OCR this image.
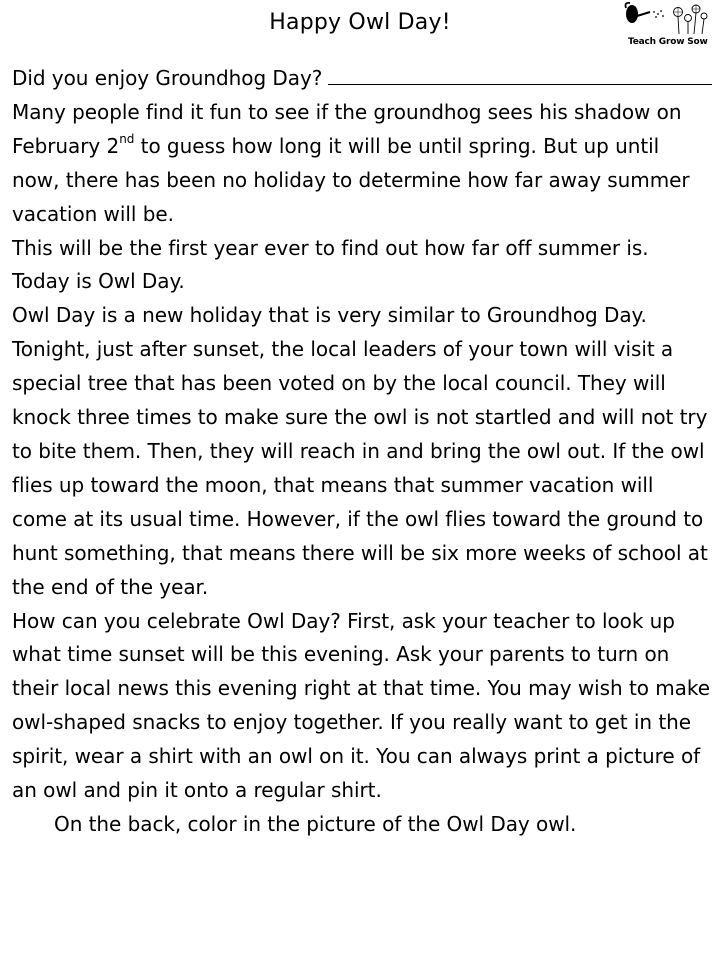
Happy Owl Day!
Teach Grow Sow
Did you enjoy Groundhog Day?

Many people find it fun to see if the groundhog sees his shadow on February 2nd to guess how long it will be until spring. But up until now, there has been no holiday to determine how far away summer vacation will be.

This will be the first year ever to find out how far off summer is. Today is Owl Day.

Owl Day is a new holiday that is very similar to Groundhog Day. Tonight, just after sunset, the local leaders of your town will visit a special tree that has been voted on by the local council. They will knock three times to make sure the owl is not startled and will not try to bite them. Then, they will reach in and bring the owl out. If the owl flies up toward the moon, that means that summer vacation will come at its usual time. However, if the owl flies toward the ground to hunt something, that means there will be six more weeks of school at the end of the year.

How can you celebrate Owl Day? First, ask your teacher to look up what time sunset will be this evening. Ask your parents to turn on their local news this evening right at that time. You may wish to make owl-shaped snacks to enjoy together. If you really want to get in the spirit, wear a shirt with an owl on it. You can always print a picture of an owl and pin it onto a regular shirt.

On the back, color in the picture of the Owl Day owl.
